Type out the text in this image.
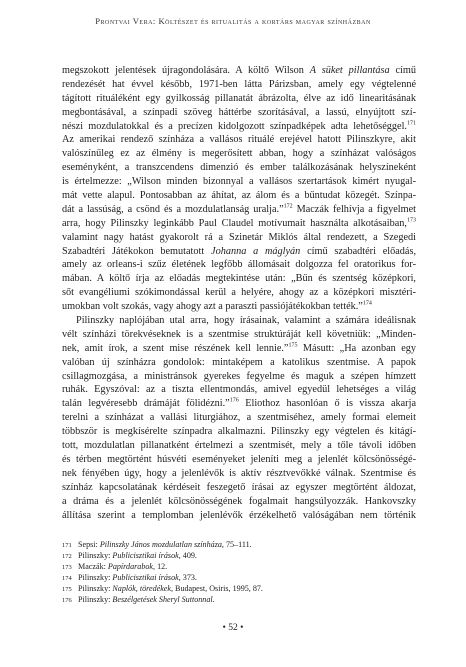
Prontvai Vera: Költészet és ritualitás a kortárs magyar színházban
megszokott jelentések újragondolására. A költő Wilson A süket pillantása című
rendezését hat évvel később, 1971-ben látta Párizsban, amely egy végtelenné
tágított rituáléként egy gyilkosság pillanatát ábrázolta, élve az idő linearitásának
megbontásával, a színpadi szöveg háttérbe szorításával, a lassú, elnyújtott szí-
nészi mozdulatokkal és a precízen kidolgozott színpadképek adta lehetőséggel.$^{171}$
Az amerikai rendező színháza a vallásos rituálé erejével hatott Pilinszkyre, akit
valószínűleg ez az élmény is megerősített abban, hogy a színházat valóságos
eseményként, a transzcendens dimenzió és ember találkozásának helyszíneként
is értelmezze: „Wilson minden bizonnyal a vallásos szertartások kimért nyugal-
mát vette alapul. Pontosabban az áhítat, az álom és a bűntudat közegét. Színpa-
dát a lassúság, a csönd és a mozdulatlanság uralja.”$^{172}$ Maczák felhívja a figyelmet
arra, hogy Pilinszky leginkább Paul Claudel motívumait használta alkotásaiban,$^{173}$
valamint nagy hatást gyakorolt rá a Szinetár Miklós által rendezett, a Szegedi
Szabadtéri Játékokon bemutatott Johanna a máglyán című szabadtéri előadás,
amely az orleans-i szűz életének legfőbb állomásait dolgozza fel oratorikus for-
mában. A költő írja az előadás megtekintése után: „Bűn és szentség középkori,
sőt evangéliumi szókimondással kerül a helyére, ahogy az a középkori misztéri-
umokban volt szokás, vagy ahogy azt a paraszti passiójátékokban tették.”$^{174}$
Pilinszky naplójában utal arra, hogy írásainak, valamint a számára ideálisnak
vélt színházi törekvéseknek is a szentmise struktúráját kell követniük: „Minden-
nek, amit írok, a szent mise részének kell lennie.”$^{175}$ Másutt: „Ha azonban egy
valóban új színházra gondolok: mintaképem a katolikus szentmise. A papok
csillagmozgása, a ministránsok gyerekes fegyelme és maguk a szépen hímzett
ruhák. Egyszóval: az a tiszta ellentmondás, amivel egyedül lehetséges a világ
talán legvéresebb drámáját fölidézni.”$^{176}$ Eliothoz hasonlóan ő is vissza akarja
terelni a színházat a vallási liturgiához, a szentmiséhez, amely formai elemeit
többször is megkísérelte színpadra alkalmazni. Pilinszky egy végtelen és kitágí-
tott, mozdulatlan pillanatként értelmezi a szentmisét, mely a tőle távoli időben
és térben megtörtént húsvéti eseményeket jeleníti meg a jelenlét kölcsönösségé-
nek fényében úgy, hogy a jelenlévők is aktív résztvevőkké válnak. Szentmise és
színház kapcsolatának kérdéseit feszegető írásai az egyszer megtörtént áldozat,
a dráma és a jelenlét kölcsönösségének fogalmait hangsúlyozzák. Hankovszky
állítása szerint a templomban jelenlévők érzékelhető valóságában nem történik
171 Sepsi: Pilinszky János mozdulatlan színháza, 75–111.
172 Pilinszky: Publicisztikai írások, 409.
173 Maczák: Papírdarabok, 12.
174 Pilinszky: Publicisztikai írások, 373.
175 Pilinszky: Naplók, töredékek, Budapest, Osiris, 1995, 87.
176 Pilinszky: Beszélgetések Sheryl Suttonnal.
• 52 •
